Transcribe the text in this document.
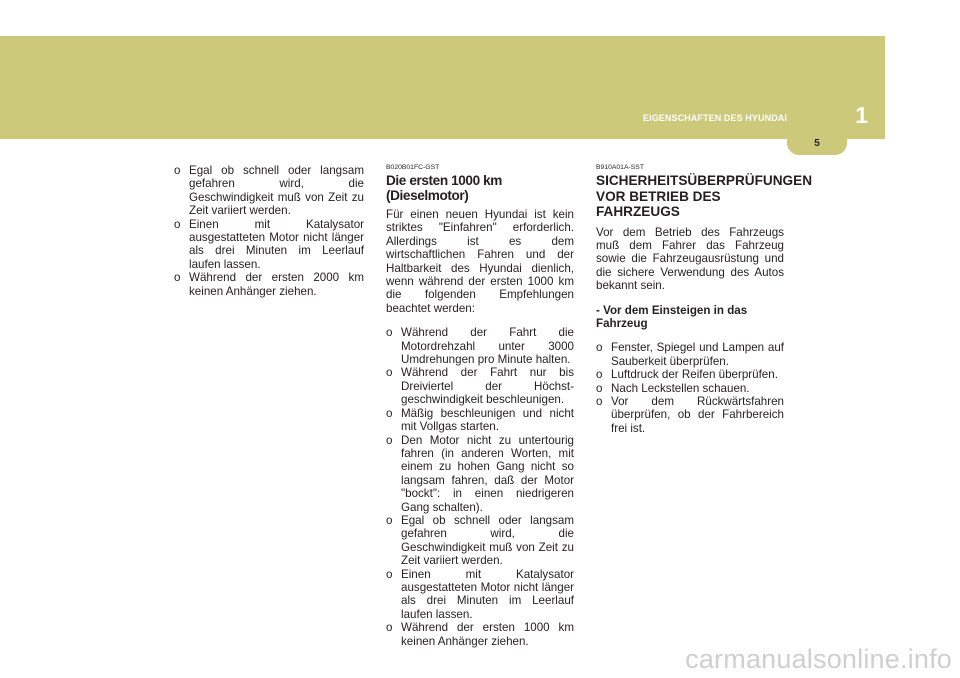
1
EIGENSCHAFTEN DES HYUNDAI
5
o Egal ob schnell oder langsam gefahren wird, die Geschwindigkeit muß von Zeit zu Zeit variiert werden.
o Einen mit Katalysator ausgestatteten Motor nicht länger als drei Minuten im Leerlauf laufen lassen.
o Während der ersten 2000 km keinen Anhänger ziehen.
B020B01FC-GST
Die ersten 1000 km (Dieselmotor)
Für einen neuen Hyundai ist kein striktes "Einfahren" erforderlich. Allerdings ist es dem wirtschaftlichen Fahren und der Haltbarkeit des Hyundai dienlich, wenn während der ersten 1000 km die folgenden Empfehlungen beachtet werden:
o Während der Fahrt die Motordrehzahl unter 3000 Umdrehungen pro Minute halten.
o Während der Fahrt nur bis Dreiviertel der Höchst-geschwindigkeit beschleunigen.
o Mäßig beschleunigen und nicht mit Vollgas starten.
o Den Motor nicht zu untertourig fahren (in anderen Worten, mit einem zu hohen Gang nicht so langsam fahren, daß der Motor "bockt": in einen niedrigeren Gang schalten).
o Egal ob schnell oder langsam gefahren wird, die Geschwindigkeit muß von Zeit zu Zeit variiert werden.
o Einen mit Katalysator ausgestatteten Motor nicht länger als drei Minuten im Leerlauf laufen lassen.
o Während der ersten 1000 km keinen Anhänger ziehen.
B910A01A-SST
SICHERHEITSÜBERPRÜFUNGEN VOR BETRIEB DES FAHRZEUGS
Vor dem Betrieb des Fahrzeugs muß dem Fahrer das Fahrzeug sowie die Fahrzeugausrüstung und die sichere Verwendung des Autos bekannt sein.
- Vor dem Einsteigen in das Fahrzeug
o Fenster, Spiegel und Lampen auf Sauberkeit überprüfen.
o Luftdruck der Reifen überprüfen.
o Nach Leckstellen schauen.
o Vor dem Rückwärtsfahren überprüfen, ob der Fahrbereich frei ist.
carmanualsonline.info
